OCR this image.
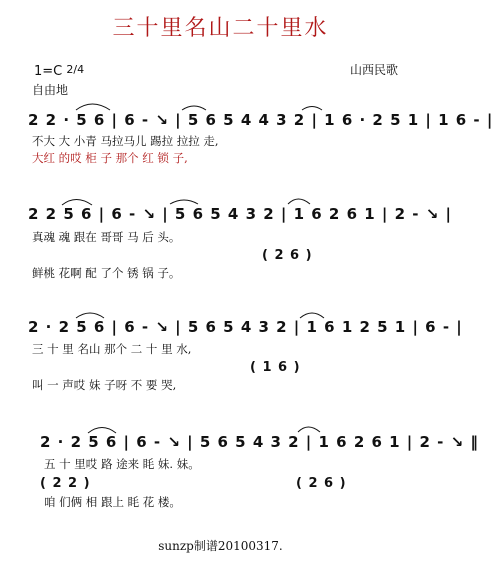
三十里名山二十里水
1=C 2/4	山西民歌
自由地
2 2 · 5 6 | 6 - ↘ | 5 6 5 4 4 3 2 | 1 6 · 2 5 1 | 1 6 - |
不大 大 小青 马拉马儿 踢拉 拉拉 走,
大红 的哎 柜 子 那个 红 锁 子,
2 2 5 6 | 6 - ↘ | 5 6 5 4 3 2 | 1 6 2 6 1 | 2 - ↘ |
真魂 魂 跟在 哥哥 马 后 头。
( 2 6 )
鲜桃 花啊 配 了个 锈 锅 子。
2 · 2 5 6 | 6 - ↘ | 5 6 5 4 3 2 | 1 6 1 2 5 1 | 6 - |
三 十 里 名山 那个 二 十 里 水,
( 1 6 )
叫 一 声哎 妹 子呀 不 要 哭,
2 · 2 5 6 | 6 - ↘ | 5 6 5 4 3 2 | 1 6 2 6 1 | 2 - ↘ ‖
五 十 里哎 路 途来 眊 妹. 妹。
( 2 2 )	( 2 6 )
咱 们俩 相 跟上 眊 花 楼。
sunzp制谱20100317.
